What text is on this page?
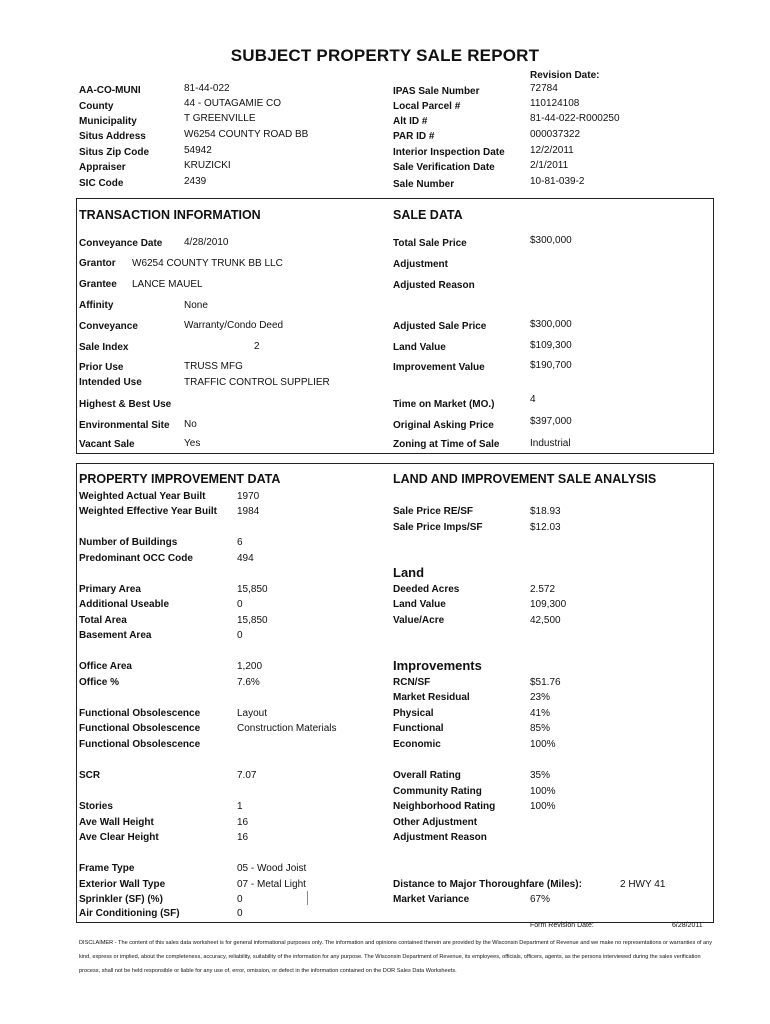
SUBJECT PROPERTY SALE REPORT
Revision Date:
AA-CO-MUNI	81-44-022
County	44 - OUTAGAMIE CO
Municipality	T GREENVILLE
Situs Address	W6254 COUNTY ROAD BB
Situs Zip Code	54942
Appraiser	KRUZICKI
SIC Code	2439
IPAS Sale Number	72784
Local Parcel #	110124108
Alt ID #	81-44-022-R000250
PAR ID #	000037322
Interior Inspection Date	12/2/2011
Sale Verification Date	2/1/2011
Sale Number	10-81-039-2
TRANSACTION INFORMATION	SALE DATA
Conveyance Date 4/28/2010	Total Sale Price	$300,000
Grantor W6254 COUNTY TRUNK BB LLC	Adjustment
Grantee LANCE MAUEL	Adjusted Reason
Affinity	None
Conveyance	Warranty/Condo Deed	Adjusted Sale Price	$300,000
Sale Index	2	Land Value	$109,300
Prior Use	TRUSS MFG	Improvement Value	$190,700
Intended Use	TRAFFIC CONTROL SUPPLIER
Highest & Best Use	Time on Market (MO.)	4
Environmental Site No	Original Asking Price	$397,000
Vacant Sale	Yes	Zoning at Time of Sale	Industrial
PROPERTY IMPROVEMENT DATA	LAND AND IMPROVEMENT SALE ANALYSIS
Weighted Actual Year Built	1970
Weighted Effective Year Built 1984
Number of Buildings	6
Predominant OCC Code	494
Primary Area	15,850
Additional Useable	0
Total Area	15,850
Basement Area	0
Office Area	1,200
Office %	7.6%
Functional Obsolescence	Layout
Functional Obsolescence	Construction Materials
Functional Obsolescence
SCR	7.07
Stories	1
Ave Wall Height	16
Ave Clear Height	16
Frame Type	05 - Wood Joist
Exterior Wall Type	07 - Metal Light
Sprinkler (SF) (%)	0
Air Conditioning (SF)	0
Sale Price RE/SF	$18.93
Sale Price Imps/SF	$12.03
Land
Deeded Acres	2.572
Land Value	109,300
Value/Acre	42,500
Improvements
RCN/SF	$51.76
Market Residual	23%
Physical	41%
Functional	85%
Economic	100%
Overall Rating	35%
Community Rating	100%
Neighborhood Rating	100%
Other Adjustment
Adjustment Reason
Distance to Major Thoroughfare (Miles):	2 HWY 41
Market Variance	67%
Form Revision Date:	6/28/2011
DISCLAIMER - The content of this sales data worksheet is for general informational purposes only. The information and opinions contained therein are provided by the Wisconsin Department of Revenue and we make no representations or warranties of any kind, express or implied, about the completeness, accuracy, reliability, suitability of the information for any purpose. The Wisconsin Department of Revenue, its employees, officials, officers, agents, as the persons interviewed during the sales verification process, shall not be held responsible or liable for any use of, error, omission, or defect in the information contained on the DOR Sales Data Worksheets.
